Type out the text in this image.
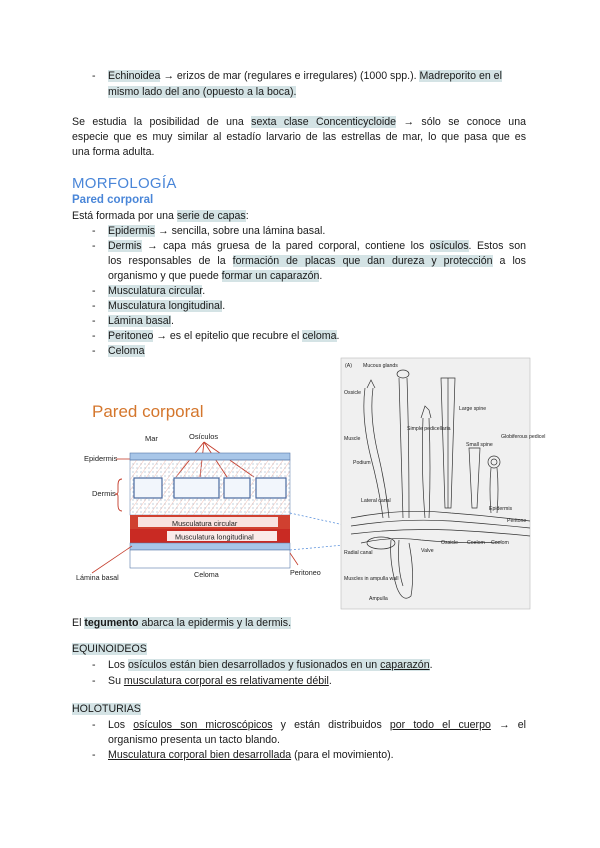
- Echinoidea → erizos de mar (regulares e irregulares) (1000 spp.). Madreporito en el
mismo lado del ano (opuesto a la boca).
Se estudia la posibilidad de una sexta clase Concenticycloide → sólo se conoce una
especie que es muy similar al estadío larvario de las estrellas de mar, lo que pasa que es
una forma adulta.
MORFOLOGÍA
Pared corporal
Está formada por una serie de capas:
- Epidermis → sencilla, sobre una lámina basal.
- Dermis → capa más gruesa de la pared corporal, contiene los osículos. Estos son
los responsables de la formación de placas que dan dureza y protección a los
organismo y que puede formar un caparazón.
- Musculatura circular.
- Musculatura longitudinal.
- Lámina basal.
- Peritoneo → es el epitelio que recubre el celoma.
- Celoma
Pared corporal
Mar	Osículos
Epidermis
Dermis
Musculatura circular
Musculatura longitudinal
Lámina basal	Celoma	Peritoneo
(A) Mucous glands
Ossicle
Muscle
Podium
Simple pedicellaria
Large spine
Small spine
Globiferous pedicel
Lateral canal
Radial canal	Valve
Ossicle Coelom Coelom
Epidermis
Peritone
Muscles in ampulla wall
Ampulla
El tegumento abarca la epidermis y la dermis.
EQUINOIDEOS
- Los osículos están bien desarrollados y fusionados en un caparazón.
- Su musculatura corporal es relativamente débil.
HOLOTURIAS
- Los osículos son microscópicos y están distribuidos por todo el cuerpo → el
organismo presenta un tacto blando.
- Musculatura corporal bien desarrollada (para el movimiento).
